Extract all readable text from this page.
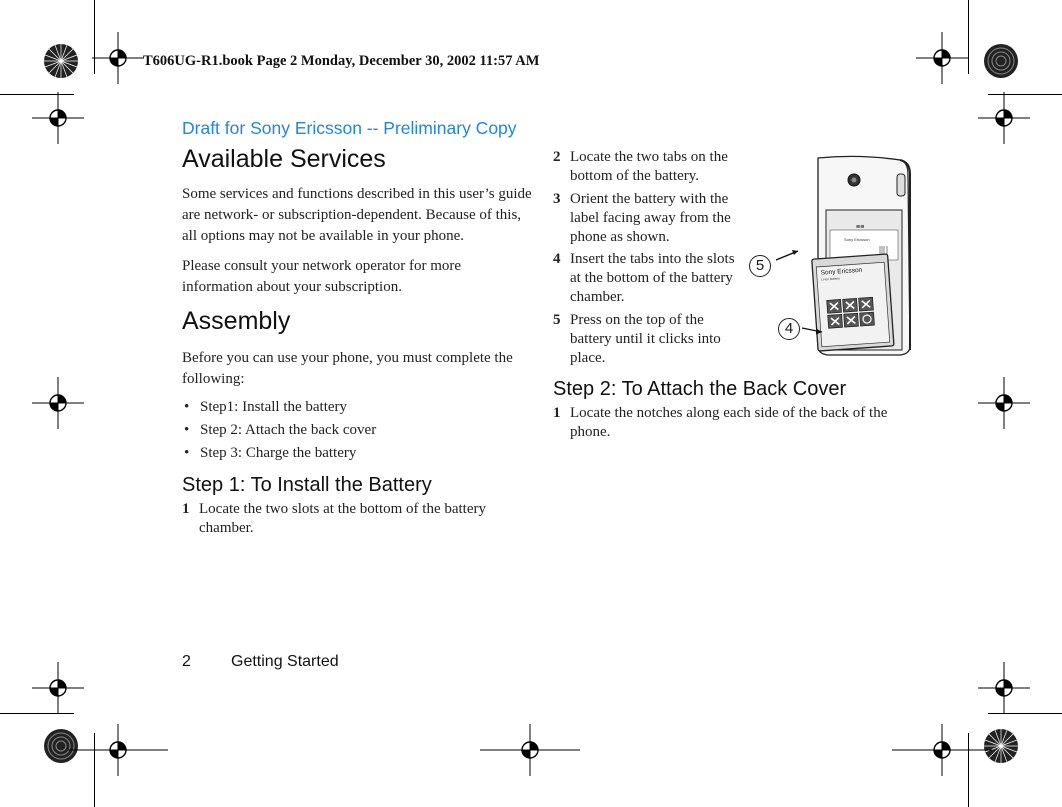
T606UG-R1.book Page 2 Monday, December 30, 2002 11:57 AM
Draft for Sony Ericsson -- Preliminary Copy
Available Services

Some services and functions described in this user’s guide are network- or subscription-dependent. Because of this, all options may not be available in your phone.

Please consult your network operator for more information about your subscription.

Assembly

Before you can use your phone, you must complete the following:

• Step1: Install the battery
• Step 2: Attach the back cover
• Step 3: Charge the battery
Step 1: To Install the Battery
1 Locate the two slots at the bottom of the battery chamber.
2 Locate the two tabs on the bottom of the battery.
3 Orient the battery with the label facing away from the phone as shown.
4 Insert the tabs into the slots at the bottom of the battery chamber.
5 Press on the top of the battery until it clicks into place.
Step 2: To Attach the Back Cover
1 Locate the notches along each side of the back of the phone.
Sony Ericsson
≋≋
Sony Ericsson
Li-ion Battery
5
4
2	Getting Started
